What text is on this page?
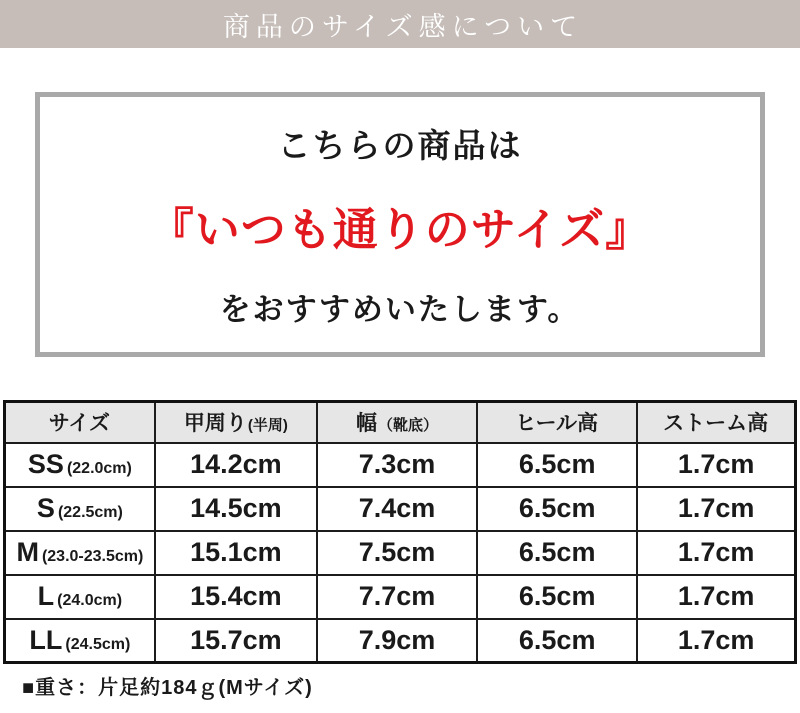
商品のサイズ感について
こちらの商品は
『いつも通りのサイズ』
をおすすめいたします。
サイズ	甲周り(半周)	幅（靴底）	ヒール高	ストーム高
SS (22.0cm)	14.2cm	7.3cm	6.5cm	1.7cm
S (22.5cm)	14.5cm	7.4cm	6.5cm	1.7cm
M (23.0-23.5cm)	15.1cm	7.5cm	6.5cm	1.7cm
L (24.0cm)	15.4cm	7.7cm	6.5cm	1.7cm
LL (24.5cm)	15.7cm	7.9cm	6.5cm	1.7cm
■重さ：片足約184ｇ(Mサイズ)
